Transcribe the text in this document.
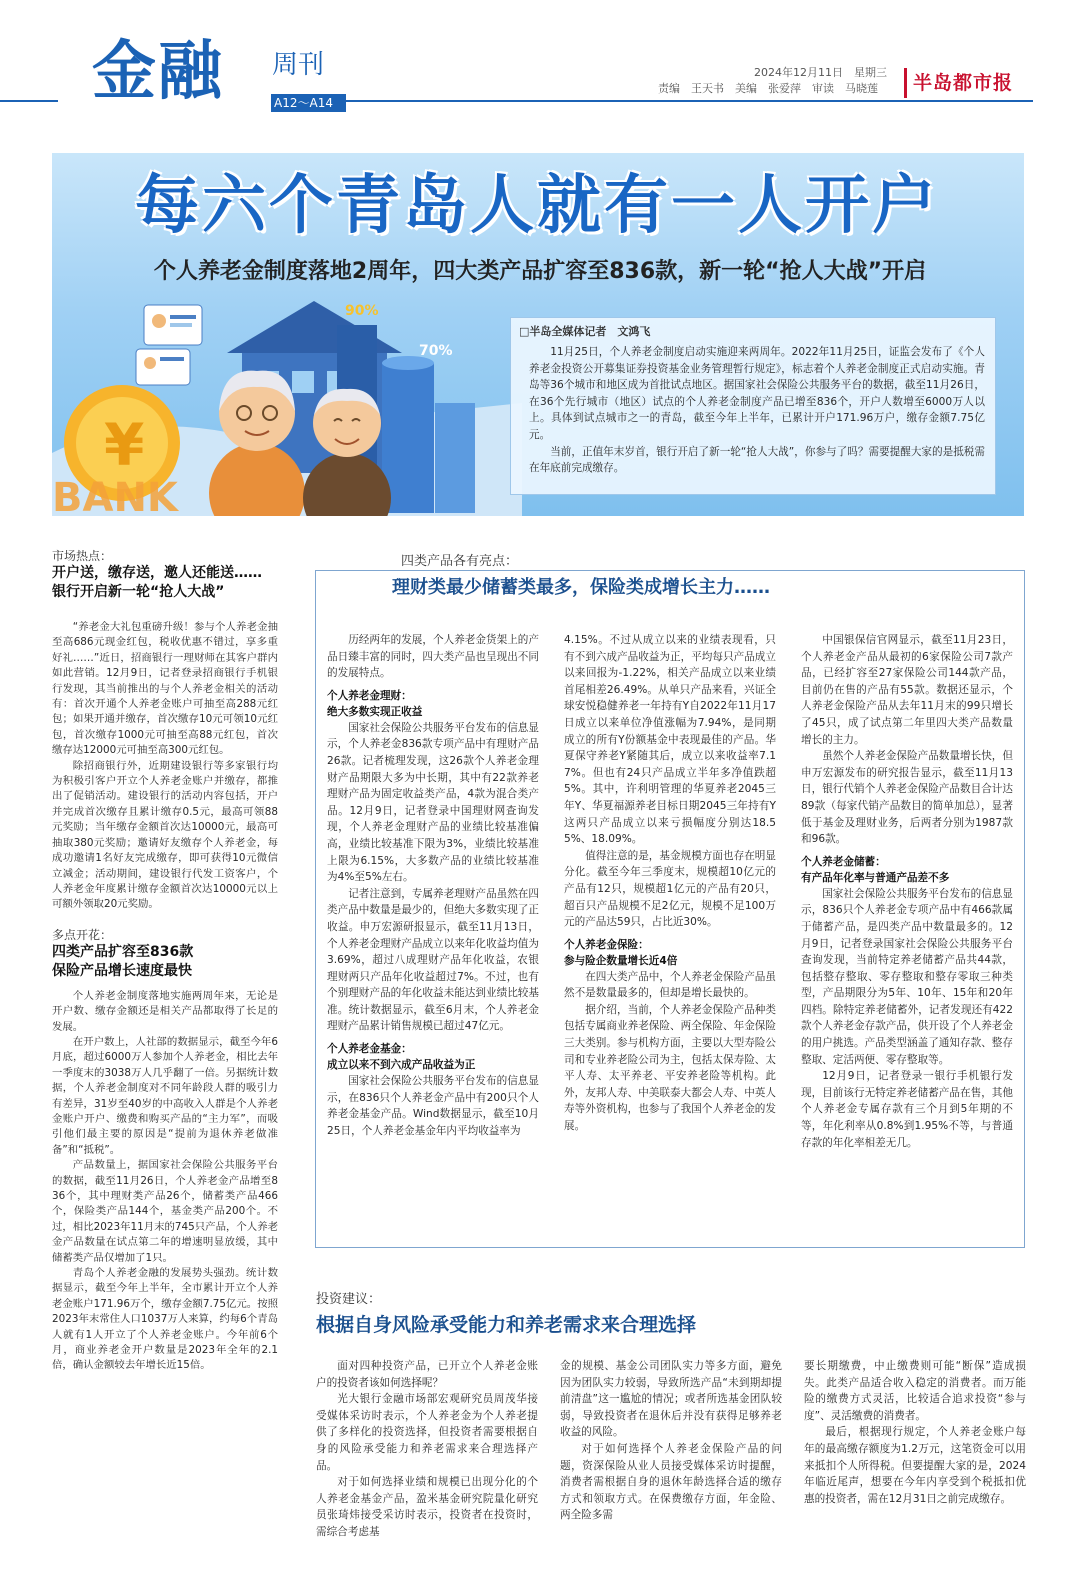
金融 周刊
A12～A14
2024年12月11日　星期三
责编　王天书　美编　张爱萍　审读　马晓莲	半岛都市报
每六个青岛人就有一人开户
个人养老金制度落地2周年，四大类产品扩容至836款，新一轮“抢人大战”开启
90%
70%
¥
BANK
□半岛全媒体记者　文鸿飞

11月25日，个人养老金制度启动实施迎来两周年。2022年11月25日，证监会发布了《个人养老金投资公开募集证券投资基金业务管理暂行规定》，标志着个人养老金制度正式启动实施。青岛等36个城市和地区成为首批试点地区。据国家社会保险公共服务平台的数据，截至11月26日，在36个先行城市（地区）试点的个人养老金制度产品已增至836个，开户人数增至6000万人以上。具体到试点城市之一的青岛，截至今年上半年，已累计开户171.96万户，缴存金额7.75亿元。

当前，正值年末岁首，银行开启了新一轮“抢人大战”，你参与了吗？需要提醒大家的是抵税需在年底前完成缴存。

市场热点：
开户送，缴存送，邀人还能送……
银行开启新一轮“抢人大战”

“养老金大礼包重磅升级！参与个人养老金抽至高686元现金红包，税收优惠不错过，享多重好礼……”近日，招商银行一理财师在其客户群内如此营销。12月9日，记者登录招商银行手机银行发现，其当前推出的与个人养老金相关的活动有：首次开通个人养老金账户可抽至高288元红包；如果开通并缴存，首次缴存10元可领10元红包，首次缴存1000元可抽至高88元红包，首次缴存达12000元可抽至高300元红包。

除招商银行外，近期建设银行等多家银行均为积极引客户开立个人养老金账户并缴存，都推出了促销活动。建设银行的活动内容包括，开户并完成首次缴存且累计缴存0.5元，最高可领88元奖励；当年缴存金额首次达10000元，最高可抽取380元奖励；邀请好友缴存个人养老金，每成功邀请1名好友完成缴存，即可获得10元微信立减金；活动期间，建设银行代发工资客户，个人养老金年度累计缴存金额首次达10000元以上可额外领取20元奖励。

多点开花：
四类产品扩容至836款
保险产品增长速度最快

个人养老金制度落地实施两周年来，无论是开户数、缴存金额还是相关产品都取得了长足的发展。

在开户数上，人社部的数据显示，截至今年6月底，超过6000万人参加个人养老金，相比去年一季度末的3038万人几乎翻了一倍。另据统计数据，个人养老金制度对不同年龄段人群的吸引力有差异，31岁至40岁的中高收入人群是个人养老金账户开户、缴费和购买产品的“主力军”，而吸引他们最主要的原因是“提前为退休养老做准备”和“抵税”。

产品数量上，据国家社会保险公共服务平台的数据，截至11月26日，个人养老金产品增至836个，其中理财类产品26个，储蓄类产品466个，保险类产品144个，基金类产品200个。不过，相比2023年11月末的745只产品，个人养老金产品数量在试点第二年的增速明显放缓，其中储蓄类产品仅增加了1只。

青岛个人养老金融的发展势头强劲。统计数据显示，截至今年上半年，全市累计开立个人养老金账户171.96万个，缴存金额7.75亿元。按照2023年末常住人口1037万人来算，约每6个青岛人就有1人开立了个人养老金账户。今年前6个月，商业养老金开户数量是2023年全年的2.1倍，确认金额较去年增长近15倍。

四类产品各有亮点：
理财类最少储蓄类最多，保险类成增长主力……

历经两年的发展，个人养老金货架上的产品日臻丰富的同时，四大类产品也呈现出不同的发展特点。

个人养老金理财：
绝大多数实现正收益

国家社会保险公共服务平台发布的信息显示，个人养老金836款专项产品中有理财产品26款。记者梳理发现，这26款个人养老金理财产品期限大多为中长期，其中有22款养老理财产品为固定收益类产品，4款为混合类产品。12月9日，记者登录中国理财网查询发现，个人养老金理财产品的业绩比较基准偏高，业绩比较基准下限为3%，业绩比较基准上限为6.15%，大多数产品的业绩比较基准为4%至5%左右。

记者注意到，专属养老理财产品虽然在四类产品中数量是最少的，但绝大多数实现了正收益。申万宏源研报显示，截至11月13日，个人养老金理财产品成立以来年化收益均值为3.69%，超过八成理财产品年化收益，农银理财两只产品年化收益超过7%。不过，也有个别理财产品的年化收益未能达到业绩比较基准。统计数据显示，截至6月末，个人养老金理财产品累计销售规模已超过47亿元。

个人养老金基金：
成立以来不到六成产品收益为正

国家社会保险公共服务平台发布的信息显示，在836只个人养老金产品中有200只个人养老金基金产品。Wind数据显示，截至10月25日，个人养老金基金年内平均收益率为

4.15%。不过从成立以来的业绩表现看，只有不到六成产品收益为正，平均每只产品成立以来回报为-1.22%，相关产品成立以来业绩首尾相差26.49%。从单只产品来看，兴证全球安悦稳健养老一年持有Y自2022年11月17日成立以来单位净值涨幅为7.94%，是同期成立的所有Y份额基金中表现最佳的产品。华夏保守养老Y紧随其后，成立以来收益率7.17%。但也有24只产品成立半年多净值跌超5%。其中，许利明管理的华夏养老2045三年Y、华夏福源养老目标日期2045三年持有Y这两只产品成立以来亏损幅度分别达18.55%、18.09%。

值得注意的是，基金规模方面也存在明显分化。截至今年三季度末，规模超10亿元的产品有12只，规模超1亿元的产品有20只，超百只产品规模不足2亿元，规模不足100万元的产品达59只，占比近30%。

个人养老金保险：
参与险企数量增长近4倍

在四大类产品中，个人养老金保险产品虽然不是数量最多的，但却是增长最快的。

据介绍，当前，个人养老金保险产品种类包括专属商业养老保险、两全保险、年金保险三大类别。参与机构方面，主要以大型寿险公司和专业养老险公司为主，包括太保寿险、太平人寿、太平养老、平安养老险等机构。此外，友邦人寿、中美联泰大都会人寿、中英人寿等外资机构，也参与了我国个人养老金的发展。

中国银保信官网显示，截至11月23日，个人养老金产品从最初的6家保险公司7款产品，已经扩容至27家保险公司144款产品，目前仍在售的产品有55款。数据还显示，个人养老金保险产品从去年11月末的99只增长了45只，成了试点第二年里四大类产品数量增长的主力。

虽然个人养老金保险产品数量增长快，但申万宏源发布的研究报告显示，截至11月13日，银行代销个人养老金保险产品数目合计达89款（每家代销产品数目的简单加总），显著低于基金及理财业务，后两者分别为1987款和96款。

个人养老金储蓄：
有产品年化率与普通产品差不多

国家社会保险公共服务平台发布的信息显示，836只个人养老金专项产品中有466款属于储蓄产品，是四类产品中数量最多的。12月9日，记者登录国家社会保险公共服务平台查询发现，当前特定养老储蓄产品共44款，包括整存整取、零存整取和整存零取三种类型，产品期限分为5年、10年、15年和20年四档。除特定养老储蓄外，记者发现还有422款个人养老金存款产品，供开设了个人养老金的用户挑选。产品类型涵盖了通知存款、整存整取、定活两便、零存整取等。

12月9日，记者登录一银行手机银行发现，目前该行无特定养老储蓄产品在售，其他个人养老金专属存款有三个月到5年期的不等，年化利率从0.8%到1.95%不等，与普通存款的年化率相差无几。

投资建议：
根据自身风险承受能力和养老需求来合理选择

面对四种投资产品，已开立个人养老金账户的投资者该如何选择呢？

光大银行金融市场部宏观研究员周茂华接受媒体采访时表示，个人养老金为个人养老提供了多样化的投资选择，但投资者需要根据自身的风险承受能力和养老需求来合理选择产品。

对于如何选择业绩和规模已出现分化的个人养老金基金产品，盈米基金研究院量化研究员张琦炜接受采访时表示，投资者在投资时，需综合考虑基

金的规模、基金公司团队实力等多方面，避免因为团队实力较弱，导致所选产品“未到期却提前清盘”这一尴尬的情况；或者所选基金团队较弱，导致投资者在退休后并没有获得足够养老收益的风险。

对于如何选择个人养老金保险产品的问题，资深保险从业人员接受媒体采访时提醒，消费者需根据自身的退休年龄选择合适的缴存方式和领取方式。在保费缴存方面，年金险、两全险多需

要长期缴费，中止缴费则可能“断保”造成损失。此类产品适合收入稳定的消费者。而万能险的缴费方式灵活，比较适合追求投资“参与度”、灵活缴费的消费者。

最后，根据现行规定，个人养老金账户每年的最高缴存额度为1.2万元，这笔资金可以用来抵扣个人所得税。但要提醒大家的是，2024年临近尾声，想要在今年内享受到个税抵扣优惠的投资者，需在12月31日之前完成缴存。
